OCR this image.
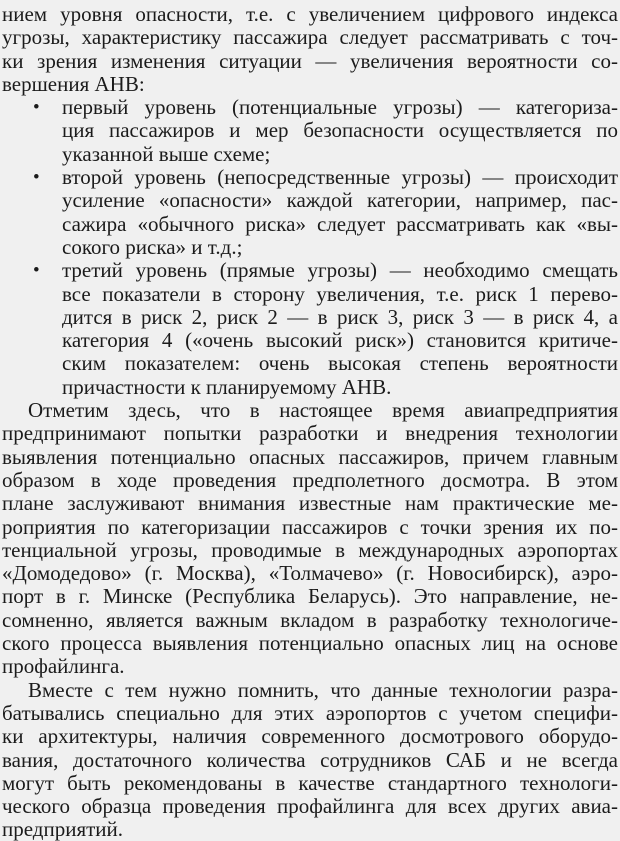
нием уровня опасности, т.е. с увеличением цифрового индекса
угрозы, характеристику пассажира следует рассматривать с точ-
ки зрения изменения ситуации — увеличения вероятности со-
вершения АНВ:
• первый уровень (потенциальные угрозы) — категориза-
ция пассажиров и мер безопасности осуществляется по
указанной выше схеме;
• второй уровень (непосредственные угрозы) — происходит
усиление «опасности» каждой категории, например, пас-
сажира «обычного риска» следует рассматривать как «вы-
сокого риска» и т.д.;
• третий уровень (прямые угрозы) — необходимо смещать
все показатели в сторону увеличения, т.е. риск 1 перево-
дится в риск 2, риск 2 — в риск 3, риск 3 — в риск 4, а
категория 4 («очень высокий риск») становится критиче-
ским показателем: очень высокая степень вероятности
причастности к планируемому АНВ.
Отметим здесь, что в настоящее время авиапредприятия
предпринимают попытки разработки и внедрения технологии
выявления потенциально опасных пассажиров, причем главным
образом в ходе проведения предполетного досмотра. В этом
плане заслуживают внимания известные нам практические ме-
роприятия по категоризации пассажиров с точки зрения их по-
тенциальной угрозы, проводимые в международных аэропортах
«Домодедово» (г. Москва), «Толмачево» (г. Новосибирск), аэро-
порт в г. Минске (Республика Беларусь). Это направление, не-
сомненно, является важным вкладом в разработку технологиче-
ского процесса выявления потенциально опасных лиц на основе
профайлинга.
Вместе с тем нужно помнить, что данные технологии разра-
батывались специально для этих аэропортов с учетом специфи-
ки архитектуры, наличия современного досмотрового оборудо-
вания, достаточного количества сотрудников САБ и не всегда
могут быть рекомендованы в качестве стандартного технологи-
ческого образца проведения профайлинга для всех других авиа-
предприятий.
